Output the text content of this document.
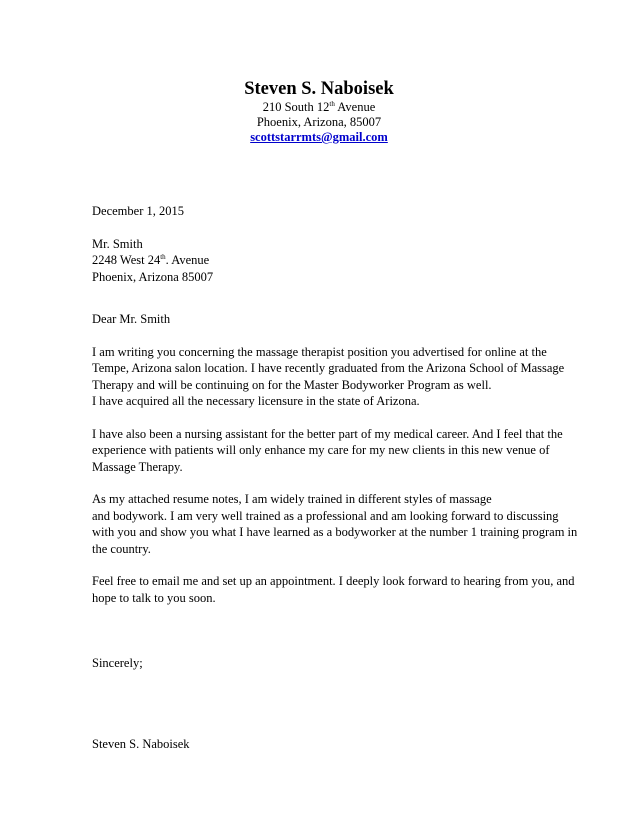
Steven S. Naboisek
210 South 12th Avenue
Phoenix, Arizona, 85007
scottstarrmts@gmail.com
December 1, 2015
Mr. Smith
2248 West 24th. Avenue
Phoenix, Arizona 85007
Dear Mr. Smith

I am writing you concerning the massage therapist position you advertised for online at the
Tempe, Arizona salon location. I have recently graduated from the Arizona School of Massage
Therapy and will be continuing on for the Master Bodyworker Program as well.
I have acquired all the necessary licensure in the state of Arizona.

I have also been a nursing assistant for the better part of my medical career. And I feel that the
experience with patients will only enhance my care for my new clients in this new venue of
Massage Therapy.

As my attached resume notes, I am widely trained in different styles of massage
and bodywork. I am very well trained as a professional and am looking forward to discussing
with you and show you what I have learned as a bodyworker at the number 1 training program in
the country.

Feel free to email me and set up an appointment. I deeply look forward to hearing from you, and
hope to talk to you soon.

Sincerely;
Steven S. Naboisek
